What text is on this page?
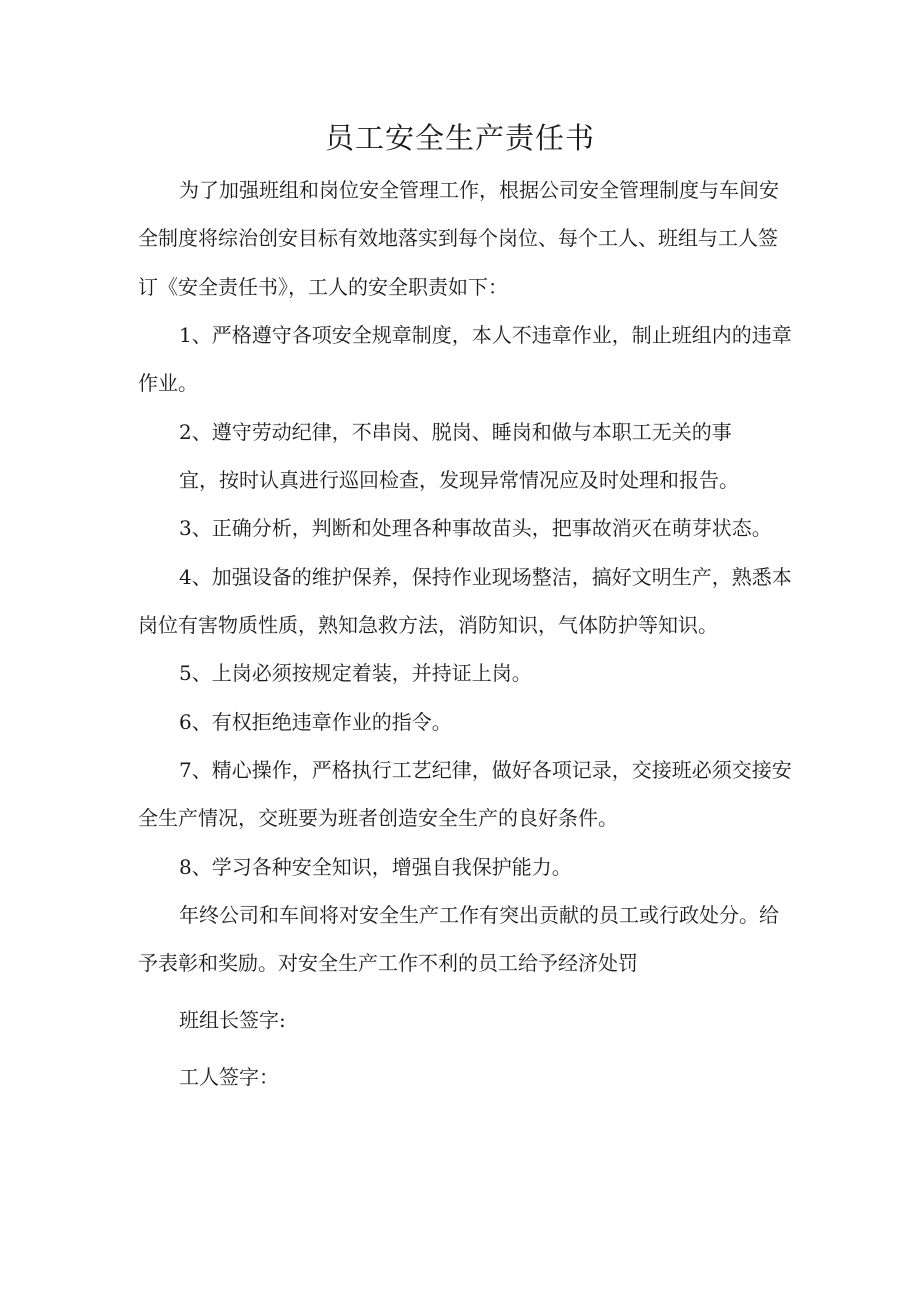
员工安全生产责任书
为了加强班组和岗位安全管理工作，根据公司安全管理制度与车间安
全制度将综治创安目标有效地落实到每个岗位、每个工人、班组与工人签
订《安全责任书》，工人的安全职责如下：
1、严格遵守各项安全规章制度，本人不违章作业，制止班组内的违章
作业。
2、遵守劳动纪律，不串岗、脱岗、睡岗和做与本职工无关的事
宜，按时认真进行巡回检查，发现异常情况应及时处理和报告。
3、正确分析，判断和处理各种事故苗头，把事故消灭在萌芽状态。
4、加强设备的维护保养，保持作业现场整洁，搞好文明生产，熟悉本
岗位有害物质性质，熟知急救方法，消防知识，气体防护等知识。
5、上岗必须按规定着装，并持证上岗。
6、有权拒绝违章作业的指令。
7、精心操作，严格执行工艺纪律，做好各项记录，交接班必须交接安
全生产情况，交班要为班者创造安全生产的良好条件。
8、学习各种安全知识，增强自我保护能力。
年终公司和车间将对安全生产工作有突出贡献的员工或行政处分。给
予表彰和奖励。对安全生产工作不利的员工给予经济处罚
班组长签字:
工人签字：
